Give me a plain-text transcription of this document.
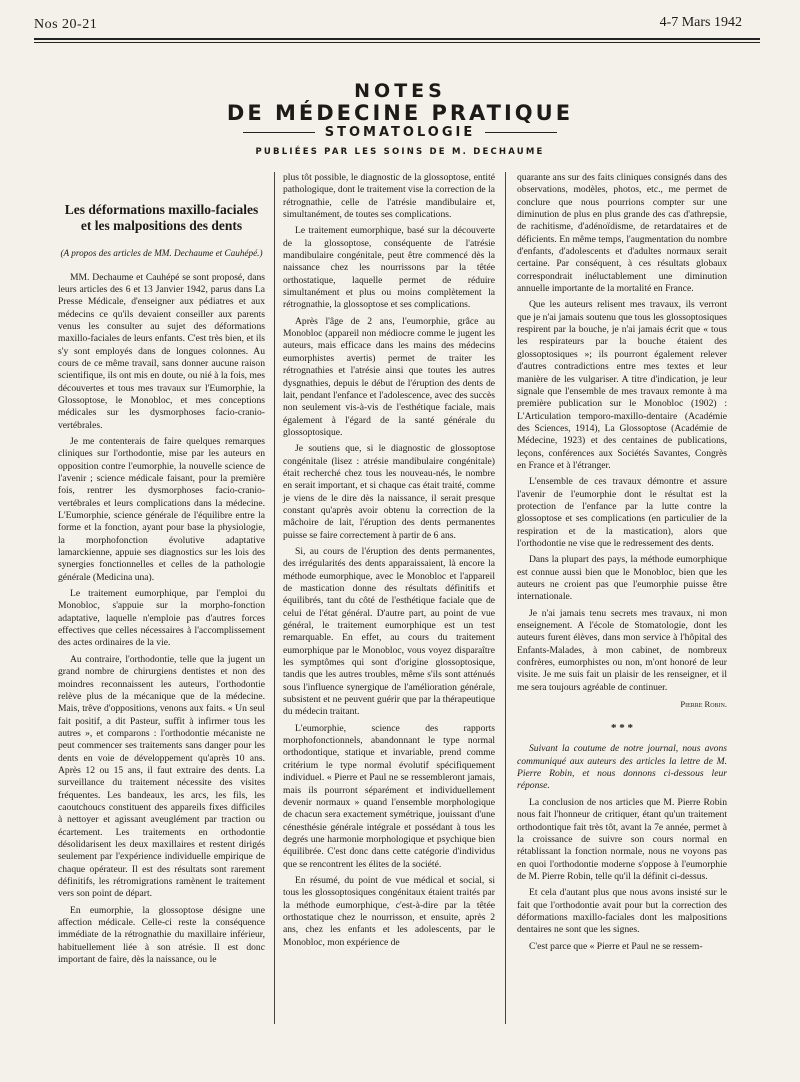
Nos 20-21	4-7 Mars 1942
NOTES
DE MÉDECINE PRATIQUE
STOMATOLOGIE
PUBLIÉES PAR LES SOINS DE M. DECHAUME
Les déformations maxillo-faciales et les malpositions des dents
(A propos des articles de MM. Dechaume et Cauhépé.)

MM. Dechaume et Cauhépé se sont proposé, dans leurs articles des 6 et 13 Janvier 1942, parus dans La Presse Médicale, d'enseigner aux pédiatres et aux médecins ce qu'ils devaient conseiller aux parents venus les consulter au sujet des déformations maxillo-faciales de leurs enfants. C'est très bien, et ils s'y sont employés dans de longues colonnes. Au cours de ce même travail, sans donner aucune raison scientifique, ils ont mis en doute, ou nié à la fois, mes découvertes et tous mes travaux sur l'Eumorphie, la Glossoptose, le Monobloc, et mes conceptions médicales sur les dysmorphoses facio-cranio-vertébrales.

Je me contenterais de faire quelques remarques cliniques sur l'orthodontie, mise par les auteurs en opposition contre l'eumorphie, la nouvelle science de l'avenir ; science médicale faisant, pour la première fois, rentrer les dysmorphoses facio-cranio-vertébrales et leurs complications dans la médecine. L'Eumorphie, science générale de l'équilibre entre la forme et la fonction, ayant pour base la physiologie, la morphofonction évolutive adaptative lamarckienne, appuie ses diagnostics sur les lois des synergies fonctionnelles et celles de la pathologie générale (Medicina una).

Le traitement eumorphique, par l'emploi du Monobloc, s'appuie sur la morpho-fonction adaptative, laquelle n'emploie pas d'autres forces effectives que celles nécessaires à l'accomplissement des actes ordinaires de la vie.

Au contraire, l'orthodontie, telle que la jugent un grand nombre de chirurgiens dentistes et non des moindres reconnaissent les auteurs, l'orthodontie relève plus de la mécanique que de la médecine. Mais, trêve d'oppositions, venons aux faits. « Un seul fait positif, a dit Pasteur, suffit à infirmer tous les autres », et comparons : l'orthodontie mécaniste ne peut commencer ses traitements sans danger pour les dents en voie de développement qu'après 10 ans. Après 12 ou 15 ans, il faut extraire des dents. La surveillance du traitement nécessite des visites fréquentes. Les bandeaux, les arcs, les fils, les caoutchoucs constituent des appareils fixes difficiles à nettoyer et agissant aveuglément par traction ou écartement. Les traitements en orthodontie désolidarisent les deux maxillaires et restent dirigés seulement par l'expérience individuelle empirique de chaque opérateur. Il est des résultats sont rarement définitifs, les rétromigrations ramènent le traitement vers son point de départ.

En eumorphie, la glossoptose désigne une affection médicale. Celle-ci reste la conséquence immédiate de la rétrognathie du maxillaire inférieur, habituellement liée à son atrésie. Il est donc important de faire, dès la naissance, ou le

plus tôt possible, le diagnostic de la glossoptose, entité pathologique, dont le traitement vise la correction de la rétrognathie, celle de l'atrésie mandibulaire et, simultanément, de toutes ses complications.

Le traitement eumorphique, basé sur la découverte de la glossoptose, conséquente de l'atrésie mandibulaire congénitale, peut être commencé dès la naissance chez les nourrissons par la têtée orthostatique, laquelle permet de réduire simultanément et plus ou moins complètement la rétrognathie, la glossoptose et ses complications.

Après l'âge de 2 ans, l'eumorphie, grâce au Monobloc (appareil non médiocre comme le jugent les auteurs, mais efficace dans les mains des médecins eumorphistes avertis) permet de traiter les rétrognathies et l'atrésie ainsi que toutes les autres dysgnathies, depuis le début de l'éruption des dents de lait, pendant l'enfance et l'adolescence, avec des succès non seulement vis-à-vis de l'esthétique faciale, mais également à l'égard de la santé générale du glossoptosique.

Je soutiens que, si le diagnostic de glossoptose congénitale (lisez : atrésie mandibulaire congénitale) était recherché chez tous les nouveau-nés, le nombre en serait important, et si chaque cas était traité, comme je viens de le dire dès la naissance, il serait presque constant qu'après avoir obtenu la correction de la mâchoire de lait, l'éruption des dents permanentes puisse se faire correctement à partir de 6 ans.

Si, au cours de l'éruption des dents permanentes, des irrégularités des dents apparaissaient, là encore la méthode eumorphique, avec le Monobloc et l'appareil de mastication donne des résultats définitifs et équilibrés, tant du côté de l'esthétique faciale que de celui de l'état général. D'autre part, au point de vue général, le traitement eumorphique est un test remarquable. En effet, au cours du traitement eumorphique par le Monobloc, vous voyez disparaître les symptômes qui sont d'origine glossoptosique, tandis que les autres troubles, même s'ils sont atténués sous l'influence synergique de l'amélioration générale, subsistent et ne peuvent guérir que par la thérapeutique du médecin traitant.

L'eumorphie, science des rapports morphofonctionnels, abandonnant le type normal orthodontique, statique et invariable, prend comme critérium le type normal évolutif spécifiquement individuel. « Pierre et Paul ne se ressembleront jamais, mais ils pourront séparément et individuellement devenir normaux » quand l'ensemble morphologique de chacun sera exactement symétrique, jouissant d'une cénesthésie générale intégrale et possédant à tous les degrés une harmonie morphologique et psychique bien équilibrée. C'est donc dans cette catégorie d'individus que se rencontrent les élites de la société.

En résumé, du point de vue médical et social, si tous les glossoptosiques congénitaux étaient traités par la méthode eumorphique, c'est-à-dire par la têtée orthostatique chez le nourrisson, et ensuite, après 2 ans, chez les enfants et les adolescents, par le Monobloc, mon expérience de

quarante ans sur des faits cliniques consignés dans des observations, modèles, photos, etc., me permet de conclure que nous pourrions compter sur une diminution de plus en plus grande des cas d'athrepsie, de rachitisme, d'adénoïdisme, de retardataires et de déficients. En même temps, l'augmentation du nombre d'enfants, d'adolescents et d'adultes normaux serait certaine. Par conséquent, à ces résultats globaux correspondrait inéluctablement une diminution annuelle importante de la mortalité en France.

Que les auteurs relisent mes travaux, ils verront que je n'ai jamais soutenu que tous les glossoptosiques respirent par la bouche, je n'ai jamais écrit que « tous les respirateurs par la bouche étaient des glossoptosiques »; ils pourront également relever d'autres contradictions entre mes textes et leur manière de les vulgariser. A titre d'indication, je leur signale que l'ensemble de mes travaux remonte à ma première publication sur le Monobloc (1902) : L'Articulation temporo-maxillo-dentaire (Académie des Sciences, 1914), La Glossoptose (Académie de Médecine, 1923) et des centaines de publications, leçons, conférences aux Sociétés Savantes, Congrès en France et à l'étranger.

L'ensemble de ces travaux démontre et assure l'avenir de l'eumorphie dont le résultat est la protection de l'enfance par la lutte contre la glossoptose et ses complications (en particulier de la respiration et de la mastication), alors que l'orthodontie ne vise que le redressement des dents.

Dans la plupart des pays, la méthode eumorphique est connue aussi bien que le Monobloc, bien que les auteurs ne croient pas que l'eumorphie puisse être internationale.

Je n'ai jamais tenu secrets mes travaux, ni mon enseignement. A l'école de Stomatologie, dont les auteurs furent élèves, dans mon service à l'hôpital des Enfants-Malades, à mon cabinet, de nombreux confrères, eumorphistes ou non, m'ont honoré de leur visite. Je me suis fait un plaisir de les renseigner, et il me sera toujours agréable de continuer.

Pierre Robin.
* * *

Suivant la coutume de notre journal, nous avons communiqué aux auteurs des articles la lettre de M. Pierre Robin, et nous donnons ci-dessous leur réponse.

La conclusion de nos articles que M. Pierre Robin nous fait l'honneur de critiquer, étant qu'un traitement orthodontique fait très tôt, avant la 7e année, permet à la croissance de suivre son cours normal en rétablissant la fonction normale, nous ne voyons pas en quoi l'orthodontie moderne s'oppose à l'eumorphie de M. Pierre Robin, telle qu'il la définit ci-dessus.

Et cela d'autant plus que nous avons insisté sur le fait que l'orthodontie avait pour but la correction des déformations maxillo-faciales dont les malpositions dentaires ne sont que les signes.

C'est parce que « Pierre et Paul ne se ressem-
